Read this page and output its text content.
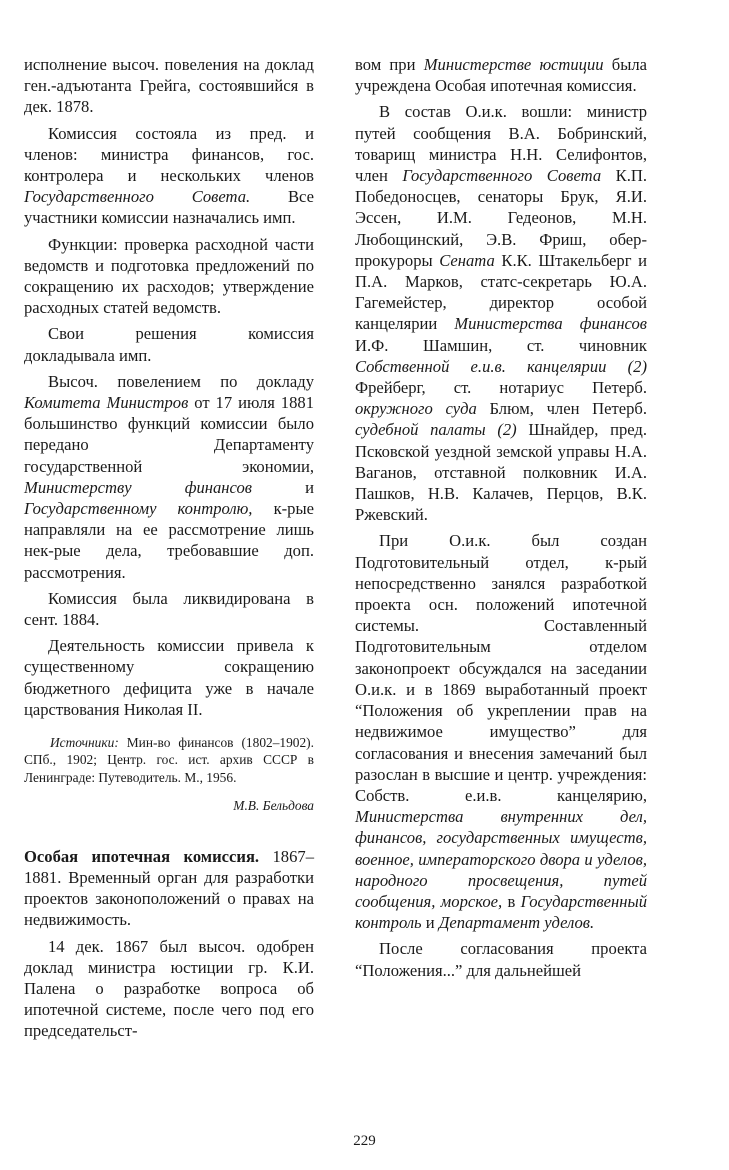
исполнение высоч. повеления на доклад ген.-адъютанта Грейга, состоявшийся в дек. 1878.

Комиссия состояла из пред. и членов: министра финансов, гос. контролера и нескольких членов Государственного Совета. Все участники комиссии назначались имп.

Функции: проверка расходной части ведомств и подготовка предложений по сокращению их расходов; утверждение расходных статей ведомств.

Свои решения комиссия докладывала имп.

Высоч. повелением по докладу Комитета Министров от 17 июля 1881 большинство функций комиссии было передано Департаменту государственной экономии, Министерству финансов и Государственному контролю, к-рые направляли на ее рассмотрение лишь нек-рые дела, требовавшие доп. рассмотрения.

Комиссия была ликвидирована в сент. 1884.

Деятельность комиссии привела к существенному сокращению бюджетного дефицита уже в начале царствования Николая II.

Источники: Мин-во финансов (1802–1902). СПб., 1902; Центр. гос. ист. архив СССР в Ленинграде: Путеводитель. М., 1956.

М.В. Бельдова

Особая ипотечная комиссия. 1867–1881. Временный орган для разработки проектов законоположений о правах на недвижимость.

14 дек. 1867 был высоч. одобрен доклад министра юстиции гр. К.И. Палена о разработке вопроса об ипотечной системе, после чего под его председательст-

вом при Министерстве юстиции была учреждена Особая ипотечная комиссия.

В состав О.и.к. вошли: министр путей сообщения В.А. Бобринский, товарищ министра Н.Н. Селифонтов, член Государственного Совета К.П. Победоносцев, сенаторы Брук, Я.И. Эссен, И.М. Гедеонов, М.Н. Любощинский, Э.В. Фриш, обер-прокуроры Сената К.К. Штакельберг и П.А. Марков, статс-секретарь Ю.А. Гагемейстер, директор особой канцелярии Министерства финансов И.Ф. Шамшин, ст. чиновник Собственной е.и.в. канцелярии (2) Фрейберг, ст. нотариус Петерб. окружного суда Блюм, член Петерб. судебной палаты (2) Шнайдер, пред. Псковской уездной земской управы Н.А. Ваганов, отставной полковник И.А. Пашков, Н.В. Калачев, Перцов, В.К. Ржевский.

При О.и.к. был создан Подготовительный отдел, к-рый непосредственно занялся разработкой проекта осн. положений ипотечной системы. Составленный Подготовительным отделом законопроект обсуждался на заседании О.и.к. и в 1869 выработанный проект “Положения об укреплении прав на недвижимое имущество” для согласования и внесения замечаний был разослан в высшие и центр. учреждения: Собств. е.и.в. канцелярию, Министерства внутренних дел, финансов, государственных имуществ, военное, императорского двора и уделов, народного просвещения, путей сообщения, морское, в Государственный контроль и Департамент уделов.

После согласования проекта “Положения...” для дальнейшей

229
